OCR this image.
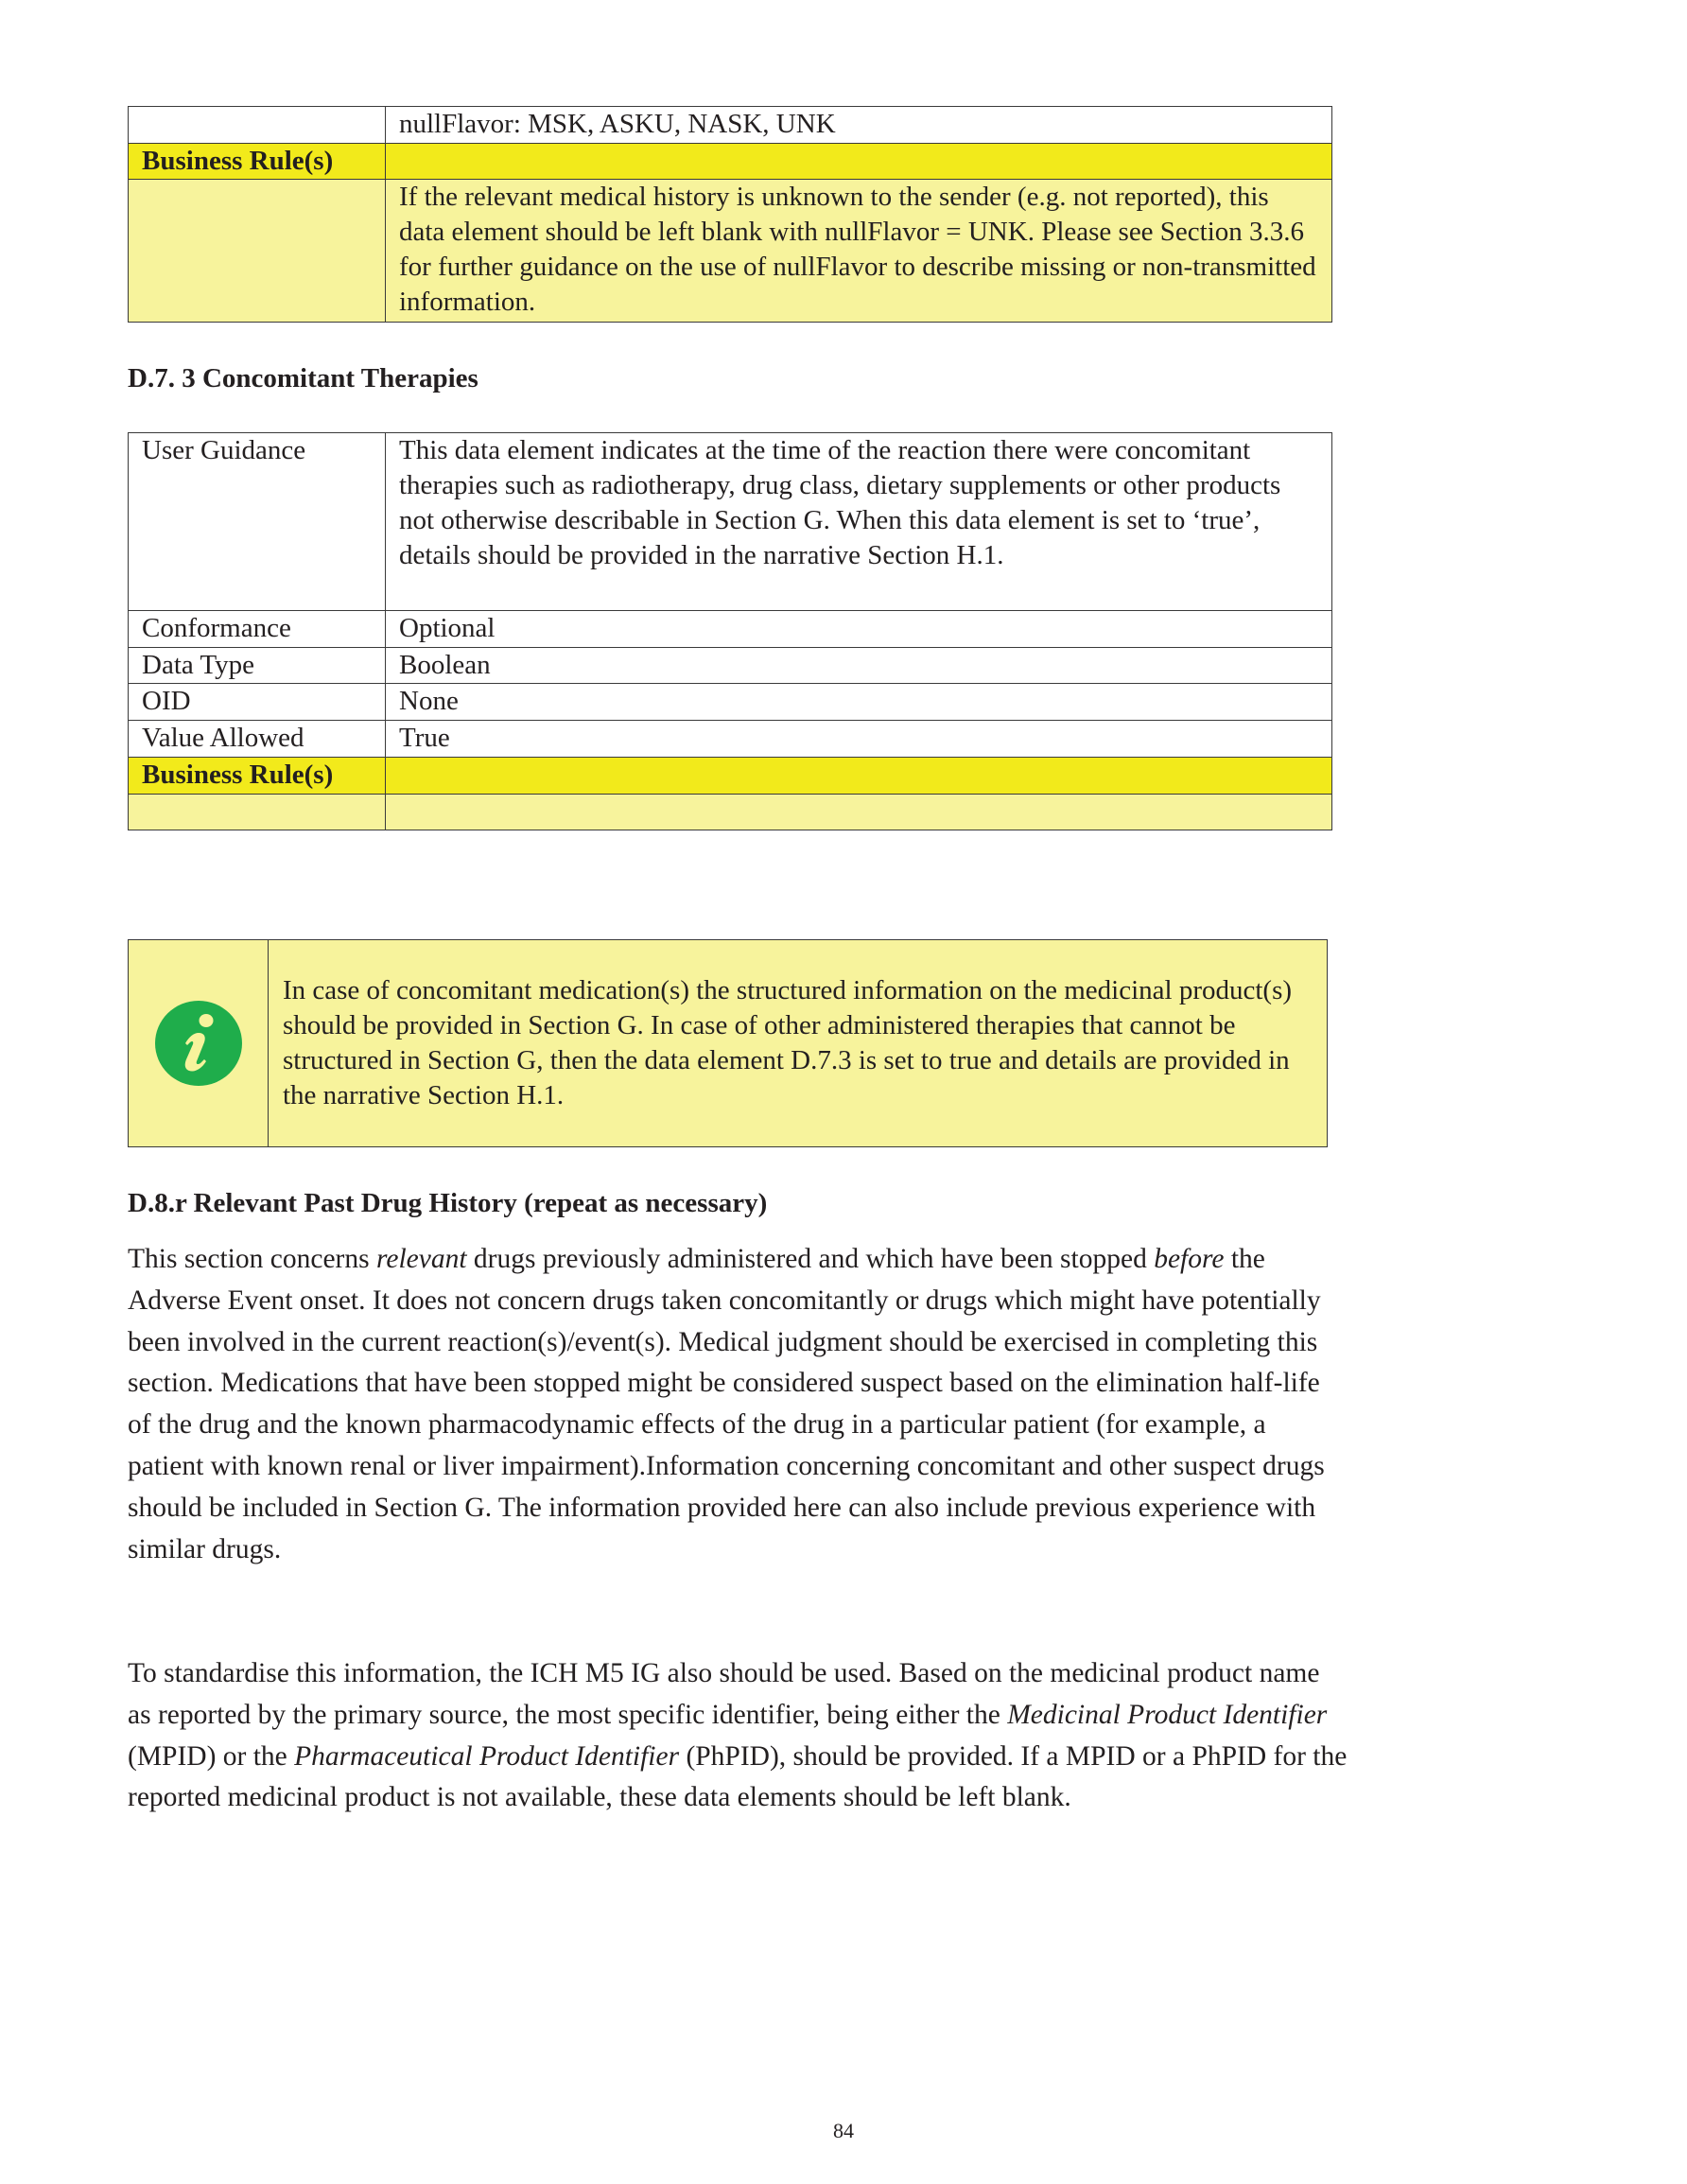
	nullFlavor: MSK, ASKU, NASK, UNK
Business Rule(s)	
	If the relevant medical history is unknown to the sender (e.g. not reported), this data element should be left blank with nullFlavor = UNK. Please see Section 3.3.6 for further guidance on the use of nullFlavor to describe missing or non-transmitted information.
D.7. 3 Concomitant Therapies
User Guidance	This data element indicates at the time of the reaction there were concomitant therapies such as radiotherapy, drug class, dietary supplements or other products not otherwise describable in Section G. When this data element is set to ‘true’, details should be provided in the narrative Section H.1.
Conformance	Optional
Data Type	Boolean
OID	None
Value Allowed	True
Business Rule(s)	

In case of concomitant medication(s) the structured information on the medicinal product(s) should be provided in Section G. In case of other administered therapies that cannot be structured in Section G, then the data element D.7.3 is set to true and details are provided in the narrative Section H.1.
D.8.r Relevant Past Drug History (repeat as necessary)

This section concerns relevant drugs previously administered and which have been stopped before the Adverse Event onset. It does not concern drugs taken concomitantly or drugs which might have potentially been involved in the current reaction(s)/event(s). Medical judgment should be exercised in completing this section. Medications that have been stopped might be considered suspect based on the elimination half-life of the drug and the known pharmacodynamic effects of the drug in a particular patient (for example, a patient with known renal or liver impairment).Information concerning concomitant and other suspect drugs should be included in Section G. The information provided here can also include previous experience with similar drugs.

To standardise this information, the ICH M5 IG also should be used. Based on the medicinal product name as reported by the primary source, the most specific identifier, being either the Medicinal Product Identifier (MPID) or the Pharmaceutical Product Identifier (PhPID), should be provided. If a MPID or a PhPID for the reported medicinal product is not available, these data elements should be left blank.

84
